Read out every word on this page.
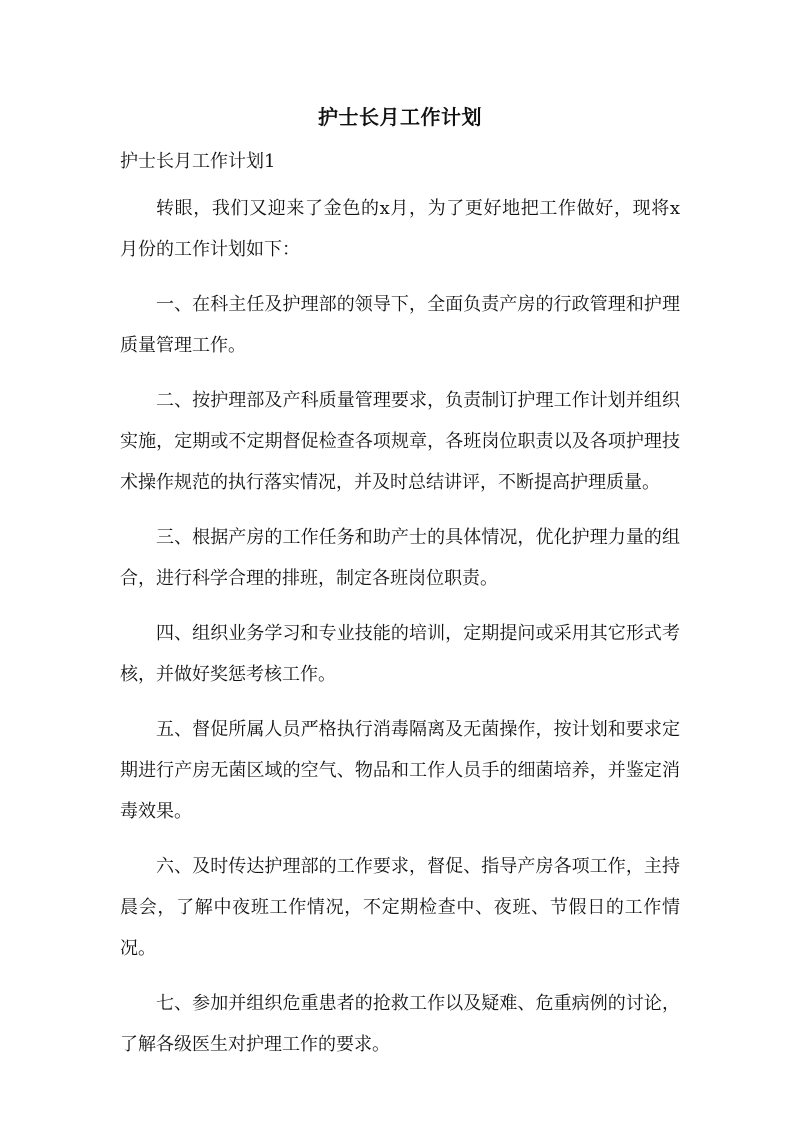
护士长月工作计划
护士长月工作计划1

转眼，我们又迎来了金色的x月，为了更好地把工作做好，现将x月份的工作计划如下：

一、在科主任及护理部的领导下，全面负责产房的行政管理和护理质量管理工作。

二、按护理部及产科质量管理要求，负责制订护理工作计划并组织实施，定期或不定期督促检查各项规章，各班岗位职责以及各项护理技术操作规范的执行落实情况，并及时总结讲评，不断提高护理质量。

三、根据产房的工作任务和助产士的具体情况，优化护理力量的组合，进行科学合理的排班，制定各班岗位职责。

四、组织业务学习和专业技能的培训，定期提问或采用其它形式考核，并做好奖惩考核工作。

五、督促所属人员严格执行消毒隔离及无菌操作，按计划和要求定期进行产房无菌区域的空气、物品和工作人员手的细菌培养，并鉴定消毒效果。

六、及时传达护理部的工作要求，督促、指导产房各项工作，主持晨会，了解中夜班工作情况，不定期检查中、夜班、节假日的工作情况。

七、参加并组织危重患者的抢救工作以及疑难、危重病例的讨论，了解各级医生对护理工作的要求。
